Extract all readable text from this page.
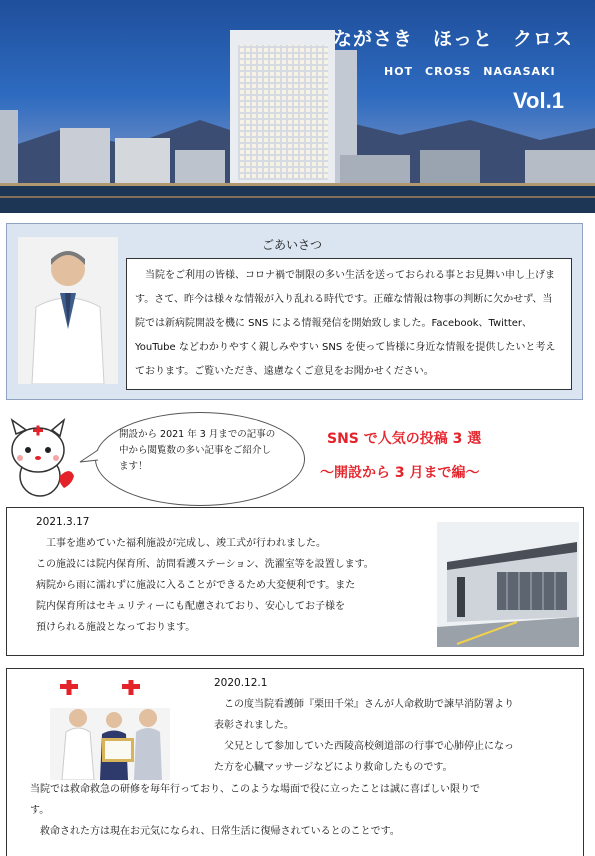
ながさき　ほっと　クロス
HOT　CROSS　NAGASAKI
Vol.1
ごあいさつ
　当院をご利用の皆様、コロナ禍で制限の多い生活を送っておられる事とお見舞い申し上げま
す。さて、昨今は様々な情報が入り乱れる時代です。正確な情報は物事の判断に欠かせず、当
院では新病院開設を機に SNS による情報発信を開始致しました。Facebook、Twitter、
YouTube などわかりやすく親しみやすい SNS を使って皆様に身近な情報を提供したいと考え
ております。ご覧いただき、遠慮なくご意見をお聞かせください。
開設から 2021 年 3 月までの記事の
中から閲覧数の多い記事をご紹介し
ます！
SNS で人気の投稿 3 選
～開設から 3 月まで編～
2021.3.17
　工事を進めていた福利施設が完成し、竣工式が行われました。
この施設には院内保育所、訪問看護ステーション、洗濯室等を設置します。
病院から雨に濡れずに施設に入ることができるため大変便利です。また
院内保育所はセキュリティーにも配慮されており、安心してお子様を
預けられる施設となっております。
2020.12.1
　この度当院看護師『栗田千栄』さんが人命救助で諫早消防署より
表彰されました。
　父兄として参加していた西陵高校剣道部の行事で心肺停止になっ
た方を心臓マッサージなどにより救命したものです。
当院では救命救急の研修を毎年行っており、このような場面で役に立ったことは誠に喜ばしい限りで
す。
　救命された方は現在お元気になられ、日常生活に復帰されているとのことです。
